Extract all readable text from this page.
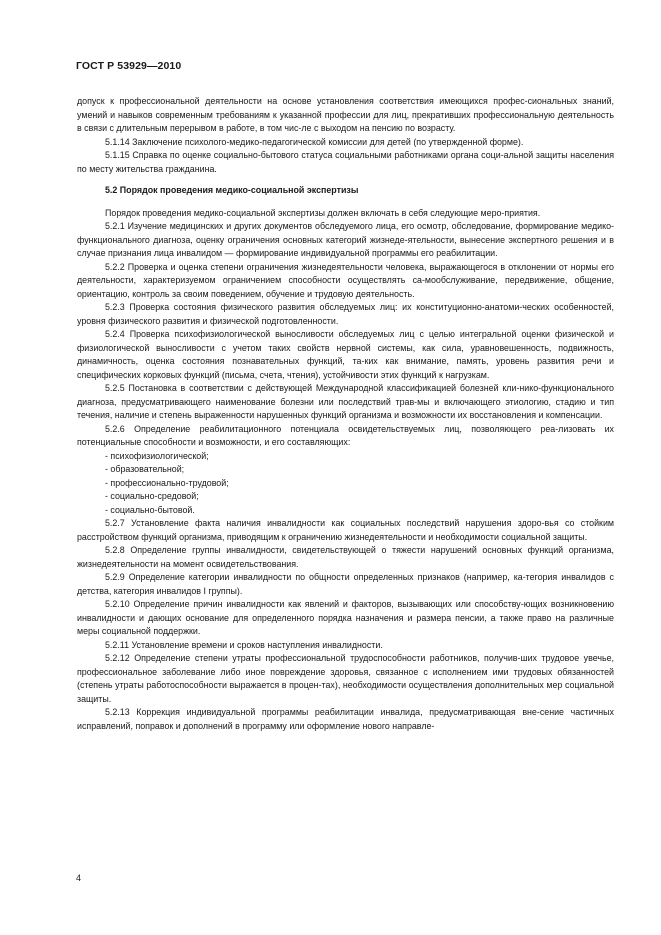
ГОСТ Р 53929—2010

допуск к профессиональной деятельности на основе установления соответствия имеющихся профес-сиональных знаний, умений и навыков современным требованиям к указанной профессии для лиц, прекративших профессиональную деятельность в связи с длительным перерывом в работе, в том чис-ле с выходом на пенсию по возрасту.

5.1.14 Заключение психолого-медико-педагогической комиссии для детей (по утвержденной форме).

5.1.15 Справка по оценке социально-бытового статуса социальными работниками органа соци-альной защиты населения по месту жительства гражданина.

5.2 Порядок проведения медико-социальной экспертизы

Порядок проведения медико-социальной экспертизы должен включать в себя следующие меро-приятия.

5.2.1 Изучение медицинских и других документов обследуемого лица, его осмотр, обследование, формирование медико-функционального диагноза, оценку ограничения основных категорий жизнеде-ятельности, вынесение экспертного решения и в случае признания лица инвалидом — формирование индивидуальной программы его реабилитации.

5.2.2 Проверка и оценка степени ограничения жизнедеятельности человека, выражающегося в отклонении от нормы его деятельности, характеризуемом ограничением способности осуществлять са-мообслуживание, передвижение, общение, ориентацию, контроль за своим поведением, обучение и трудовую деятельность.

5.2.3 Проверка состояния физического развития обследуемых лиц: их конституционно-анатоми-ческих особенностей, уровня физического развития и физической подготовленности.

5.2.4 Проверка психофизиологической выносливости обследуемых лиц с целью интегральной оценки физической и физиологической выносливости с учетом таких свойств нервной системы, как сила, уравновешенность, подвижность, динамичность, оценка состояния познавательных функций, та-ких как внимание, память, уровень развития речи и специфических корковых функций (письма, счета, чтения), устойчивости этих функций к нагрузкам.

5.2.5 Постановка в соответствии с действующей Международной классификацией болезней кли-нико-функционального диагноза, предусматривающего наименование болезни или последствий трав-мы и включающего этиологию, стадию и тип течения, наличие и степень выраженности нарушенных функций организма и возможности их восстановления и компенсации.

5.2.6 Определение реабилитационного потенциала освидетельствуемых лиц, позволяющего реа-лизовать их потенциальные способности и возможности, и его составляющих:

- психофизиологической;

- образовательной;

- профессионально-трудовой;

- социально-средовой;

- социально-бытовой.

5.2.7 Установление факта наличия инвалидности как социальных последствий нарушения здоро-вья со стойким расстройством функций организма, приводящим к ограничению жизнедеятельности и необходимости социальной защиты.

5.2.8 Определение группы инвалидности, свидетельствующей о тяжести нарушений основных функций организма, жизнедеятельности на момент освидетельствования.

5.2.9 Определение категории инвалидности по общности определенных признаков (например, ка-тегория инвалидов с детства, категория инвалидов I группы).

5.2.10 Определение причин инвалидности как явлений и факторов, вызывающих или способству-ющих возникновению инвалидности и дающих основание для определенного порядка назначения и размера пенсии, а также право на различные меры социальной поддержки.

5.2.11 Установление времени и сроков наступления инвалидности.

5.2.12 Определение степени утраты профессиональной трудоспособности работников, получив-ших трудовое увечье, профессиональное заболевание либо иное повреждение здоровья, связанное с исполнением ими трудовых обязанностей (степень утраты работоспособности выражается в процен-тах), необходимости осуществления дополнительных мер социальной защиты.

5.2.13 Коррекция индивидуальной программы реабилитации инвалида, предусматривающая вне-сение частичных исправлений, поправок и дополнений в программу или оформление нового направле-

4
